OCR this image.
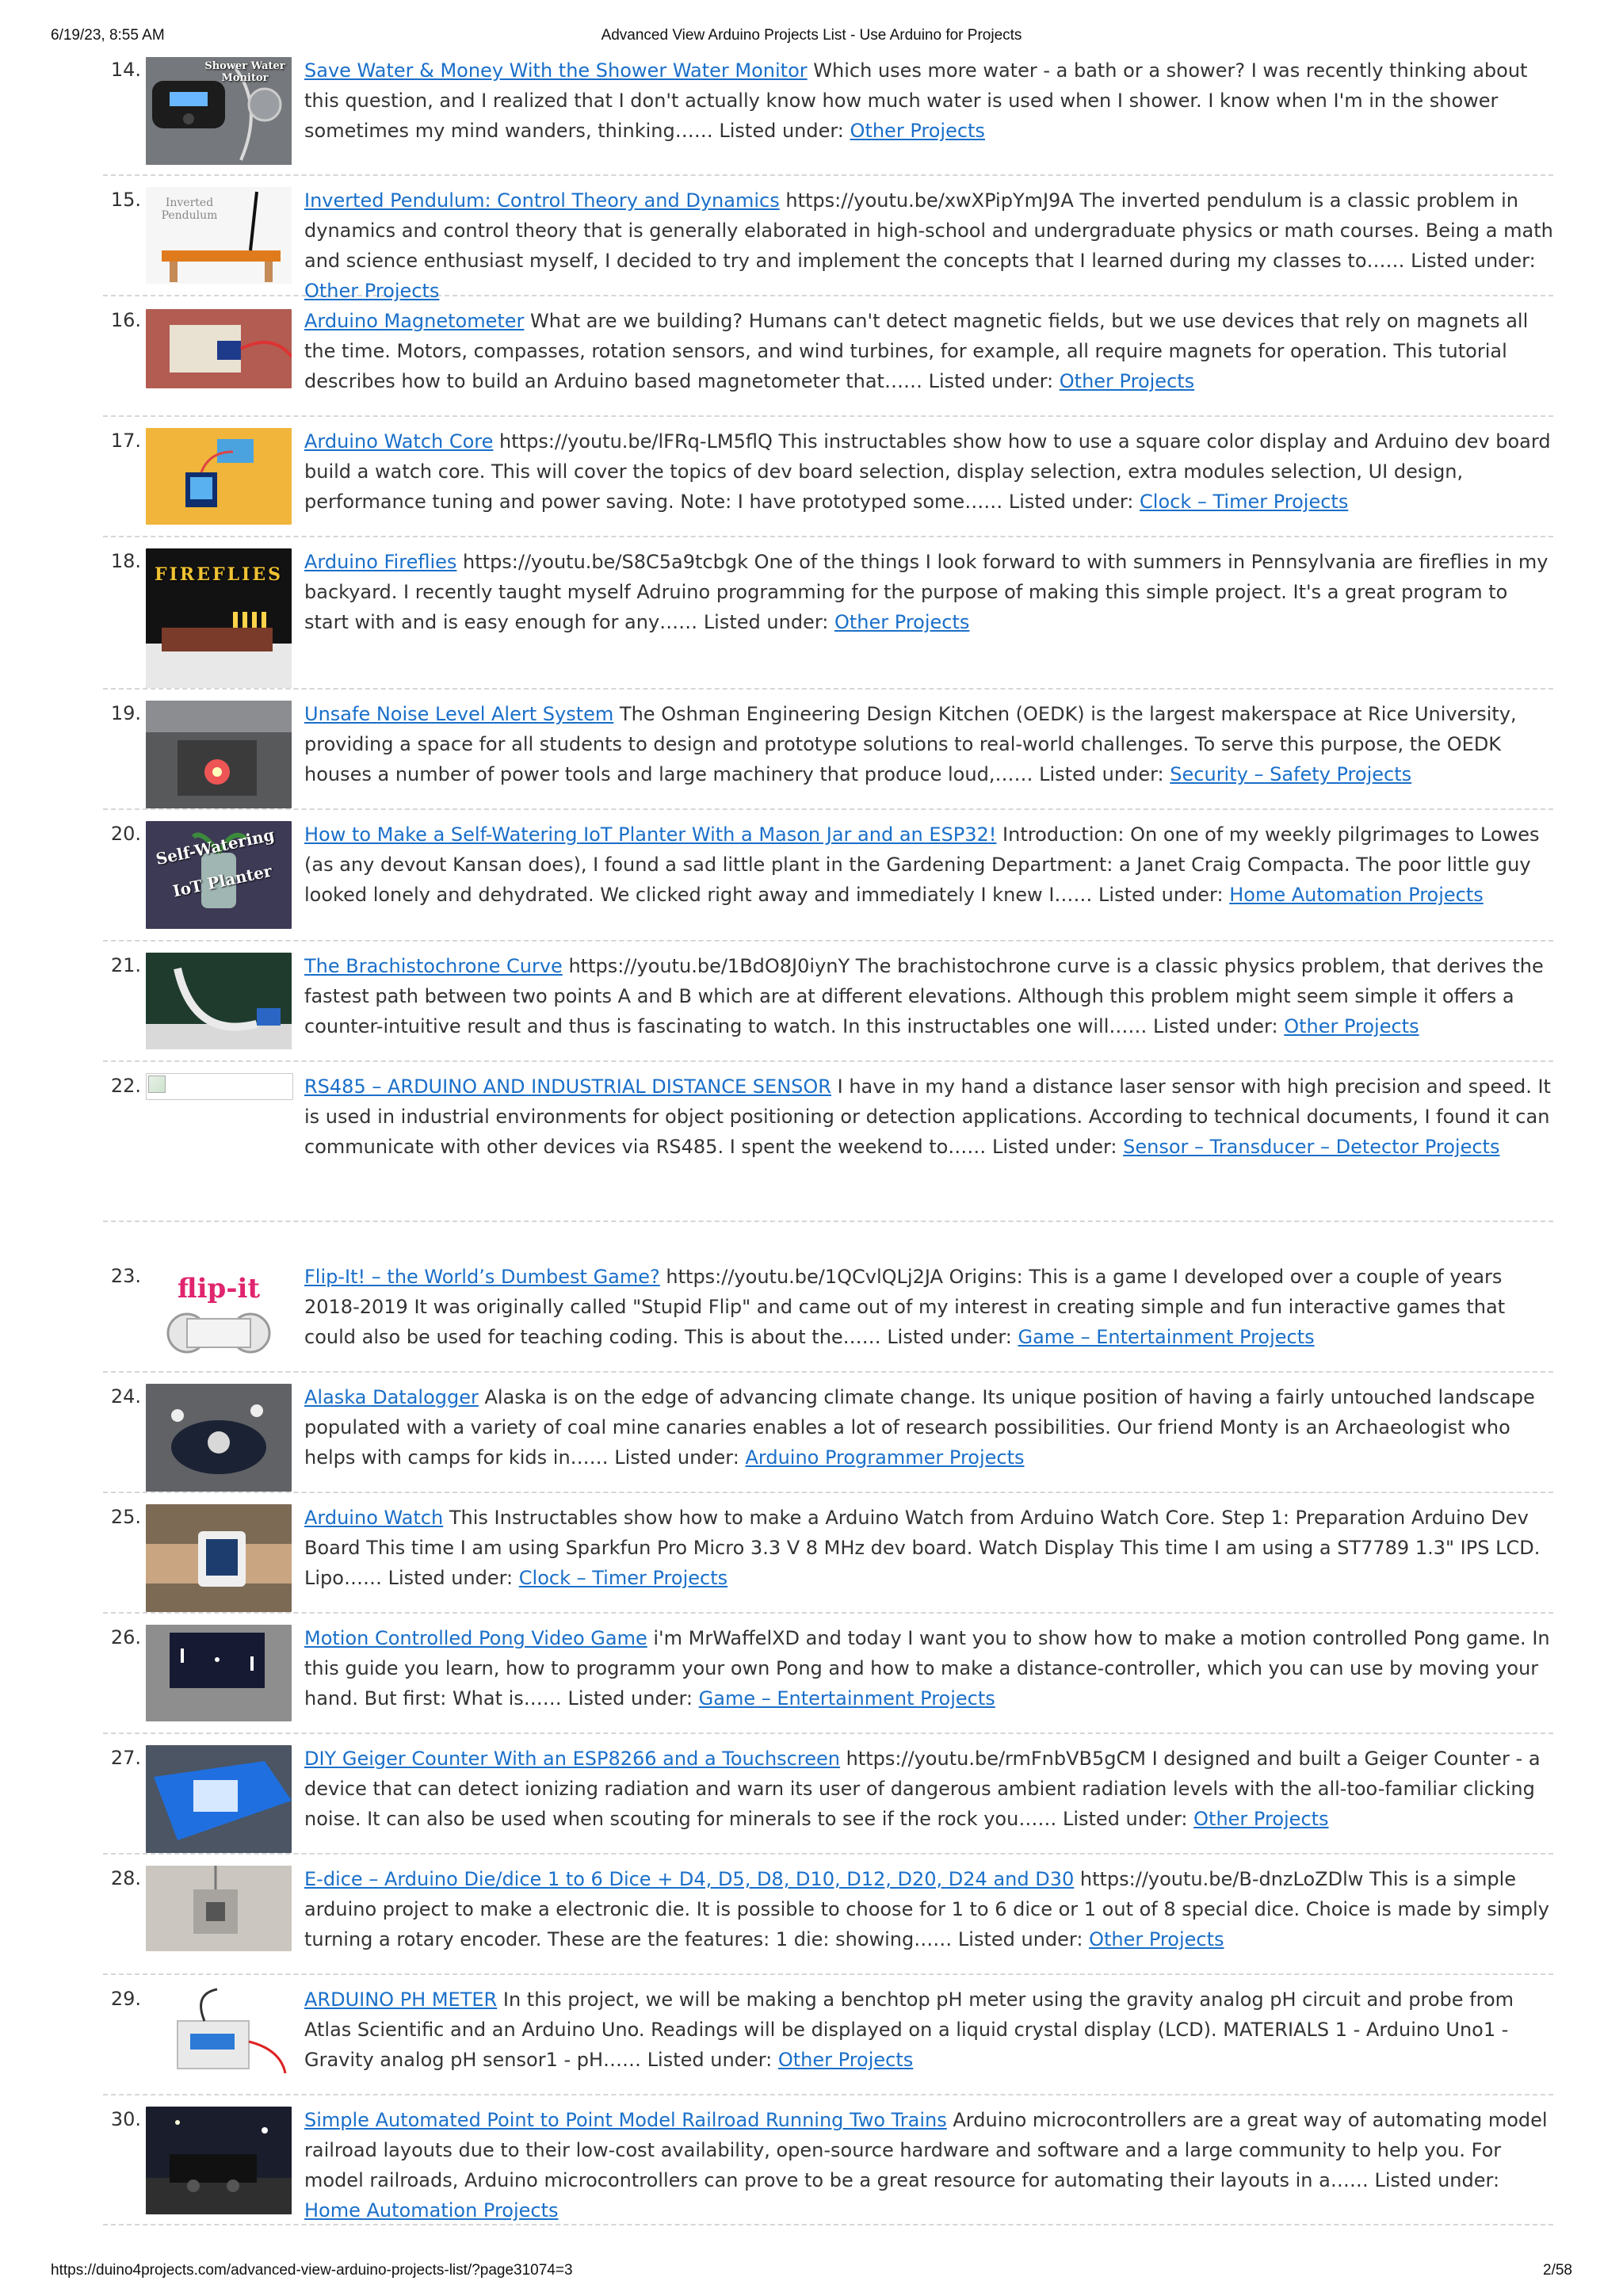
6/19/23, 8:55 AM	Advanced View Arduino Projects List - Use Arduino for Projects
14.	Shower Water Monitor	Save Water & Money With the Shower Water Monitor Which uses more water - a bath or a shower? I was recently thinking about this question, and I realized that I don't actually know how much water is used when I shower. I know when I'm in the shower sometimes my mind wanders, thinking…… Listed under: Other Projects
15.	Inverted Pendulum
Inverted Pendulum: Control Theory and Dynamics https://youtu.be/xwXPipYmJ9A The inverted pendulum is a classic problem in dynamics and control theory that is generally elaborated in high-school and undergraduate physics or math courses. Being a math and science enthusiast myself, I decided to try and implement the concepts that I learned during my classes to…… Listed under: Other Projects
16.	Arduino Magnetometer What are we building? Humans can't detect magnetic fields, but we use devices that rely on magnets all the time. Motors, compasses, rotation sensors, and wind turbines, for example, all require magnets for operation. This tutorial describes how to build an Arduino based magnetometer that…… Listed under: Other Projects
17.	Arduino Watch Core https://youtu.be/lFRq-LM5flQ This instructables show how to use a square color display and Arduino dev board build a watch core. This will cover the topics of dev board selection, display selection, extra modules selection, UI design, performance tuning and power saving. Note: I have prototyped some…… Listed under: Clock – Timer Projects
18.
FIREFLIES
Arduino Fireflies https://youtu.be/S8C5a9tcbgk One of the things I look forward to with summers in Pennsylvania are fireflies in my backyard. I recently taught myself Adruino programming for the purpose of making this simple project. It's a great program to start with and is easy enough for any…… Listed under: Other Projects
19.	Unsafe Noise Level Alert System The Oshman Engineering Design Kitchen (OEDK) is the largest makerspace at Rice University, providing a space for all students to design and prototype solutions to real-world challenges. To serve this purpose, the OEDK houses a number of power tools and large machinery that produce loud,…… Listed under: Security – Safety Projects
20. Self-Watering IoT Planter
How to Make a Self-Watering IoT Planter With a Mason Jar and an ESP32! Introduction: On one of my weekly pilgrimages to Lowes (as any devout Kansan does), I found a sad little plant in the Gardening Department: a Janet Craig Compacta. The poor little guy looked lonely and dehydrated. We clicked right away and immediately I knew I…… Listed under: Home Automation Projects
21.	The Brachistochrone Curve https://youtu.be/1BdO8J0iynY The brachistochrone curve is a classic physics problem, that derives the fastest path between two points A and B which are at different elevations. Although this problem might seem simple it offers a counter-intuitive result and thus is fascinating to watch. In this instructables one will…… Listed under: Other Projects
22.	RS485 – ARDUINO AND INDUSTRIAL DISTANCE SENSOR I have in my hand a distance laser sensor with high precision and speed. It is used in industrial environments for object positioning or detection applications. According to technical documents, I found it can communicate with other devices via RS485. I spent the weekend to…… Listed under: Sensor – Transducer – Detector Projects
23.	flip-it	Flip-It! – the World’s Dumbest Game? https://youtu.be/1QCvlQLj2JA Origins: This is a game I developed over a couple of years 2018-2019 It was originally called "Stupid Flip" and came out of my interest in creating simple and fun interactive games that could also be used for teaching coding. This is about the…… Listed under: Game – Entertainment Projects
24.	Alaska Datalogger Alaska is on the edge of advancing climate change. Its unique position of having a fairly untouched landscape populated with a variety of coal mine canaries enables a lot of research possibilities. Our friend Monty is an Archaeologist who helps with camps for kids in…… Listed under: Arduino Programmer Projects
25.	Arduino Watch This Instructables show how to make a Arduino Watch from Arduino Watch Core. Step 1: Preparation Arduino Dev Board This time I am using Sparkfun Pro Micro 3.3 V 8 MHz dev board. Watch Display This time I am using a ST7789 1.3" IPS LCD. Lipo…… Listed under: Clock – Timer Projects
26.	Motion Controlled Pong Video Game i'm MrWaffelXD and today I want you to show how to make a motion controlled Pong game. In this guide you learn, how to programm your own Pong and how to make a distance-controller, which you can use by moving your hand. But first: What is…… Listed under: Game – Entertainment Projects
27.	DIY Geiger Counter With an ESP8266 and a Touchscreen https://youtu.be/rmFnbVB5gCM I designed and built a Geiger Counter - a device that can detect ionizing radiation and warn its user of dangerous ambient radiation levels with the all-too-familiar clicking noise. It can also be used when scouting for minerals to see if the rock you…… Listed under: Other Projects
28.	E-dice – Arduino Die/dice 1 to 6 Dice + D4, D5, D8, D10, D12, D20, D24 and D30 https://youtu.be/B-dnzLoZDlw This is a simple arduino project to make a electronic die. It is possible to choose for 1 to 6 dice or 1 out of 8 special dice. Choice is made by simply turning a rotary encoder. These are the features: 1 die: showing…… Listed under: Other Projects
29.	ARDUINO PH METER In this project, we will be making a benchtop pH meter using the gravity analog pH circuit and probe from Atlas Scientific and an Arduino Uno. Readings will be displayed on a liquid crystal display (LCD). MATERIALS 1 - Arduino Uno1 - Gravity analog pH sensor1 - pH…… Listed under: Other Projects
30.	Simple Automated Point to Point Model Railroad Running Two Trains Arduino microcontrollers are a great way of automating model railroad layouts due to their low-cost availability, open-source hardware and software and a large community to help you. For model railroads, Arduino microcontrollers can prove to be a great resource for automating their layouts in a…… Listed under: Home Automation Projects
https://duino4projects.com/advanced-view-arduino-projects-list/?page31074=3	2/58
